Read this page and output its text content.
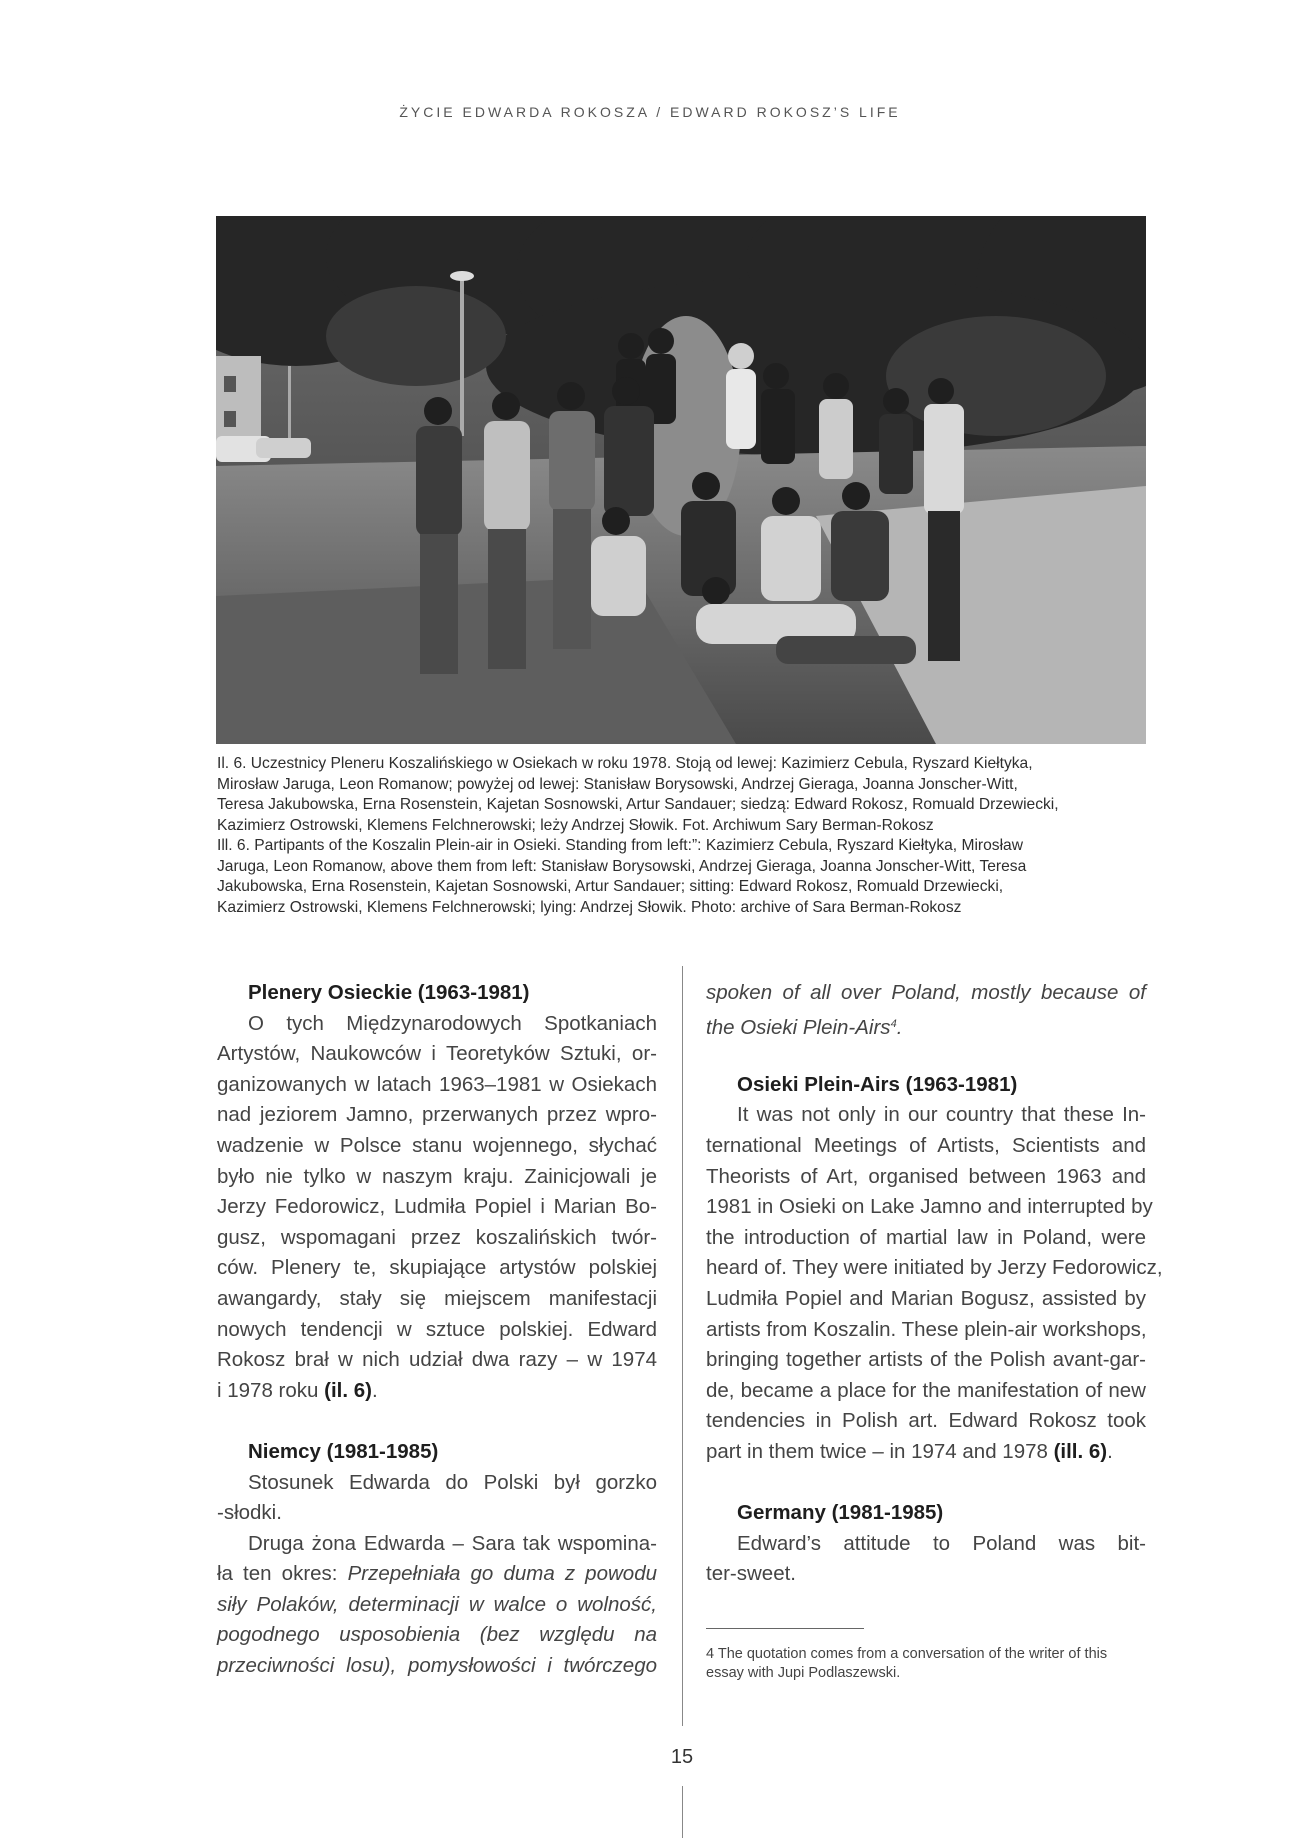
ŻYCIE EDWARDA ROKOSZA / EDWARD ROKOSZ’S LIFE
Il. 6. Uczestnicy Pleneru Koszalińskiego w Osiekach w roku 1978. Stoją od lewej: Kazimierz Cebula, Ryszard Kiełtyka,
Mirosław Jaruga, Leon Romanow; powyżej od lewej: Stanisław Borysowski, Andrzej Gieraga, Joanna Jonscher-Witt,
Teresa Jakubowska, Erna Rosenstein, Kajetan Sosnowski, Artur Sandauer; siedzą: Edward Rokosz, Romuald Drzewiecki,
Kazimierz Ostrowski, Klemens Felchnerowski; leży Andrzej Słowik. Fot. Archiwum Sary Berman-Rokosz
Ill. 6. Partipants of the Koszalin Plein-air in Osieki. Standing from left:”: Kazimierz Cebula, Ryszard Kiełtyka, Mirosław
Jaruga, Leon Romanow, above them from left: Stanisław Borysowski, Andrzej Gieraga, Joanna Jonscher-Witt, Teresa
Jakubowska, Erna Rosenstein, Kajetan Sosnowski, Artur Sandauer; sitting: Edward Rokosz, Romuald Drzewiecki,
Kazimierz Ostrowski, Klemens Felchnerowski; lying: Andrzej Słowik. Photo: archive of Sara Berman-Rokosz
Plenery Osieckie (1963-1981)
O tych Międzynarodowych Spotkaniach
Artystów, Naukowców i Teoretyków Sztuki, or-
ganizowanych w latach 1963–1981 w Osiekach
nad jeziorem Jamno, przerwanych przez wpro-
wadzenie w Polsce stanu wojennego, słychać
było nie tylko w naszym kraju. Zainicjowali je
Jerzy Fedorowicz, Ludmiła Popiel i Marian Bo-
gusz, wspomagani przez koszalińskich twór-
ców. Plenery te, skupiające artystów polskiej
awangardy, stały się miejscem manifestacji
nowych tendencji w sztuce polskiej. Edward
Rokosz brał w nich udział dwa razy – w 1974
i 1978 roku (il. 6).
Niemcy (1981-1985)
Stosunek Edwarda do Polski był gorzko
-słodki.
Druga żona Edwarda – Sara tak wspomina-
ła ten okres: Przepełniała go duma z powodu
siły Polaków, determinacji w walce o wolność,
pogodnego usposobienia (bez względu na
przeciwności losu), pomysłowości i twórczego
spoken of all over Poland, mostly because of
the Osieki Plein-Airs$^4$.
Osieki Plein-Airs (1963-1981)
It was not only in our country that these In-
ternational Meetings of Artists, Scientists and
Theorists of Art, organised between 1963 and
1981 in Osieki on Lake Jamno and interrupted by
the introduction of martial law in Poland, were
heard of. They were initiated by Jerzy Fedorowicz,
Ludmiła Popiel and Marian Bogusz, assisted by
artists from Koszalin. These plein-air workshops,
bringing together artists of the Polish avant-gar-
de, became a place for the manifestation of new
tendencies in Polish art. Edward Rokosz took
part in them twice – in 1974 and 1978 (ill. 6).
Germany (1981-1985)
Edward’s attitude to Poland was bit-
ter-sweet.
4 The quotation comes from a conversation of the writer of this essay with Jupi Podlaszewski.
15
